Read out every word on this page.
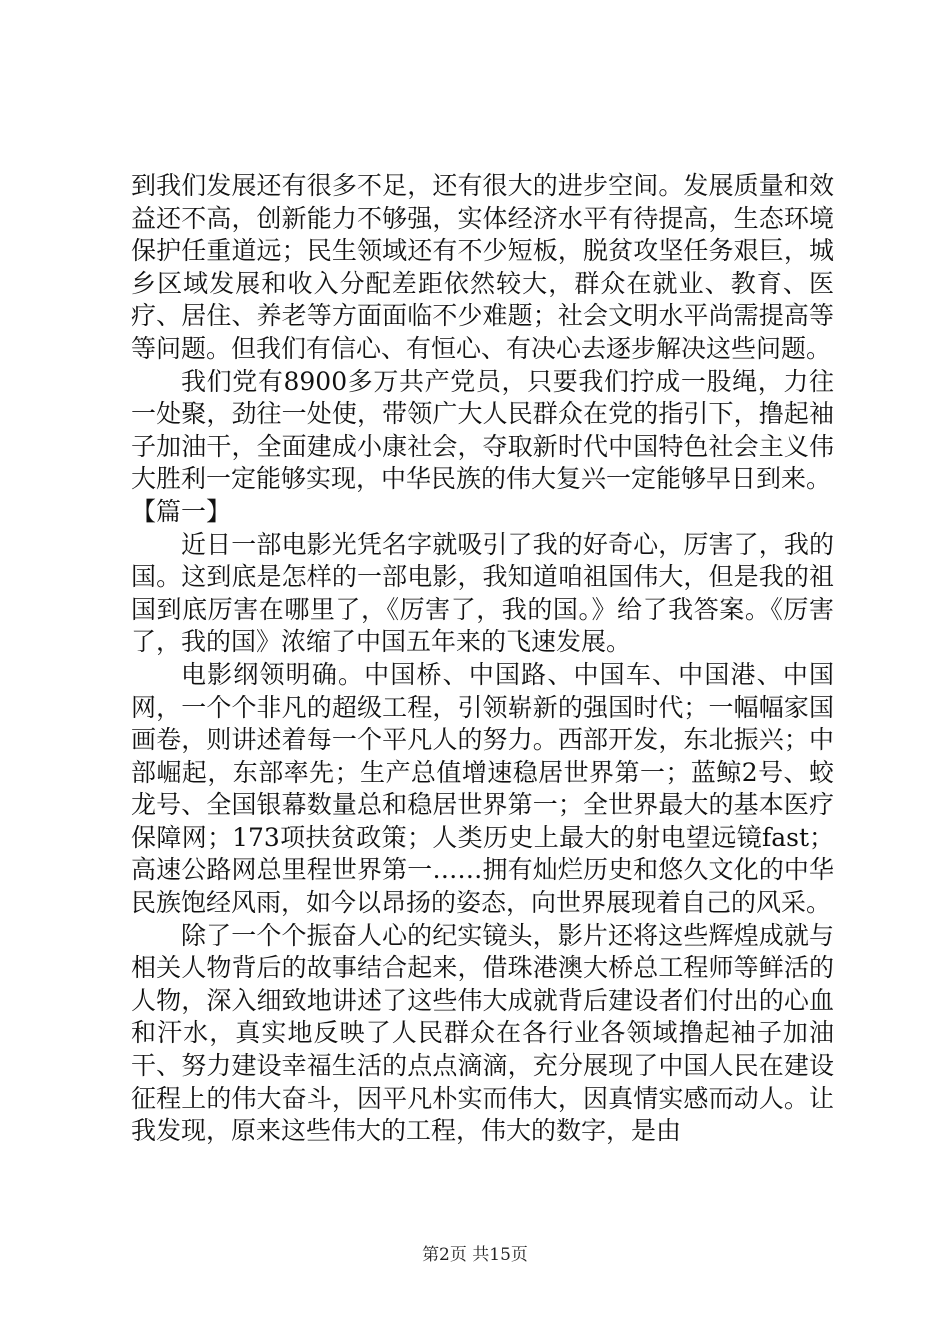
到我们发展还有很多不足，还有很大的进步空间。发展质量和效益还不高，创新能力不够强，实体经济水平有待提高，生态环境保护任重道远；民生领域还有不少短板，脱贫攻坚任务艰巨，城乡区域发展和收入分配差距依然较大，群众在就业、教育、医疗、居住、养老等方面面临不少难题；社会文明水平尚需提高等等问题。但我们有信心、有恒心、有决心去逐步解决这些问题。

我们党有8900多万共产党员，只要我们拧成一股绳，力往一处聚，劲往一处使，带领广大人民群众在党的指引下，撸起袖子加油干，全面建成小康社会，夺取新时代中国特色社会主义伟大胜利一定能够实现，中华民族的伟大复兴一定能够早日到来。

【篇一】

近日一部电影光凭名字就吸引了我的好奇心，厉害了，我的国。这到底是怎样的一部电影，我知道咱祖国伟大，但是我的祖国到底厉害在哪里了，《厉害了，我的国。》给了我答案。《厉害了，我的国》浓缩了中国五年来的飞速发展。

电影纲领明确。中国桥、中国路、中国车、中国港、中国网，一个个非凡的超级工程，引领崭新的强国时代；一幅幅家国画卷，则讲述着每一个平凡人的努力。西部开发，东北振兴；中部崛起，东部率先；生产总值增速稳居世界第一；蓝鲸2号、蛟龙号、全国银幕数量总和稳居世界第一；全世界最大的基本医疗保障网；173项扶贫政策；人类历史上最大的射电望远镜fast；高速公路网总里程世界第一……拥有灿烂历史和悠久文化的中华民族饱经风雨，如今以昂扬的姿态，向世界展现着自己的风采。

除了一个个振奋人心的纪实镜头，影片还将这些辉煌成就与相关人物背后的故事结合起来，借珠港澳大桥总工程师等鲜活的人物，深入细致地讲述了这些伟大成就背后建设者们付出的心血和汗水，真实地反映了人民群众在各行业各领域撸起袖子加油干、努力建设幸福生活的点点滴滴，充分展现了中国人民在建设征程上的伟大奋斗，因平凡朴实而伟大，因真情实感而动人。让我发现，原来这些伟大的工程，伟大的数字，是由

第2页 共15页
